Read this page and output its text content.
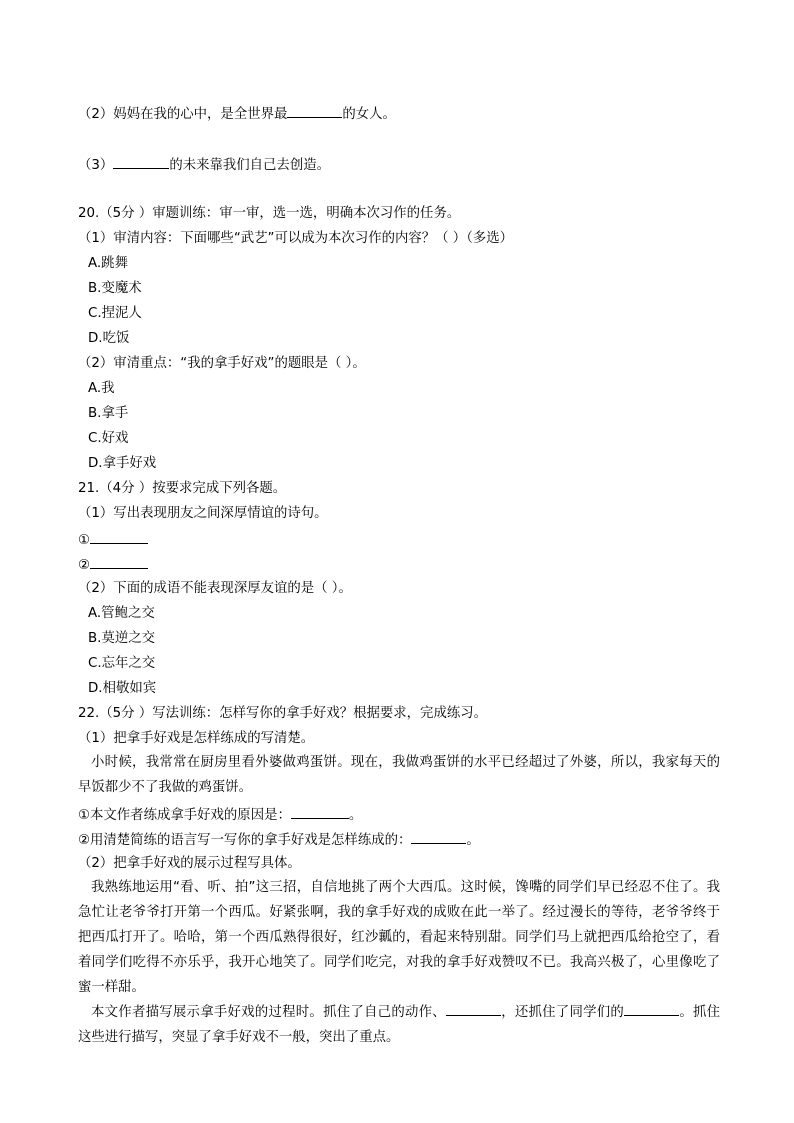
（2）妈妈在我的心中，是全世界最	的女人。
（3）	的未来靠我们自己去创造。
20.（5分 ）审题训练：审一审，选一选，明确本次习作的任务。
（1）审清内容：下面哪些“武艺”可以成为本次习作的内容？（ ）（多选）
A.跳舞
B.变魔术
C.捏泥人
D.吃饭
（2）审清重点：“我的拿手好戏”的题眼是（ ）。
A.我
B.拿手
C.好戏
D.拿手好戏
21.（4分 ）按要求完成下列各题。
（1）写出表现朋友之间深厚情谊的诗句。
①
②
（2）下面的成语不能表现深厚友谊的是（ ）。
A.管鲍之交
B.莫逆之交
C.忘年之交
D.相敬如宾
22.（5分 ）写法训练：怎样写你的拿手好戏？根据要求，完成练习。
（1）把拿手好戏是怎样练成的写清楚。
小时候，我常常在厨房里看外婆做鸡蛋饼。现在，我做鸡蛋饼的水平已经超过了外婆，所以，我家每天的早饭都少不了我做的鸡蛋饼。
①本文作者练成拿手好戏的原因是：	。
②用清楚简练的语言写一写你的拿手好戏是怎样练成的：	。
（2）把拿手好戏的展示过程写具体。
我熟练地运用“看、听、拍”这三招，自信地挑了两个大西瓜。这时候，馋嘴的同学们早已经忍不住了。我急忙让老爷爷打开第一个西瓜。好紧张啊，我的拿手好戏的成败在此一举了。经过漫长的等待，老爷爷终于把西瓜打开了。哈哈，第一个西瓜熟得很好，红沙瓤的，看起来特别甜。同学们马上就把西瓜给抢空了，看着同学们吃得不亦乐乎，我开心地笑了。同学们吃完，对我的拿手好戏赞叹不已。我高兴极了，心里像吃了蜜一样甜。
本文作者描写展示拿手好戏的过程时。抓住了自己的动作、	，还抓住了同学们的	。抓住这些进行描写，突显了拿手好戏不一般，突出了重点。
